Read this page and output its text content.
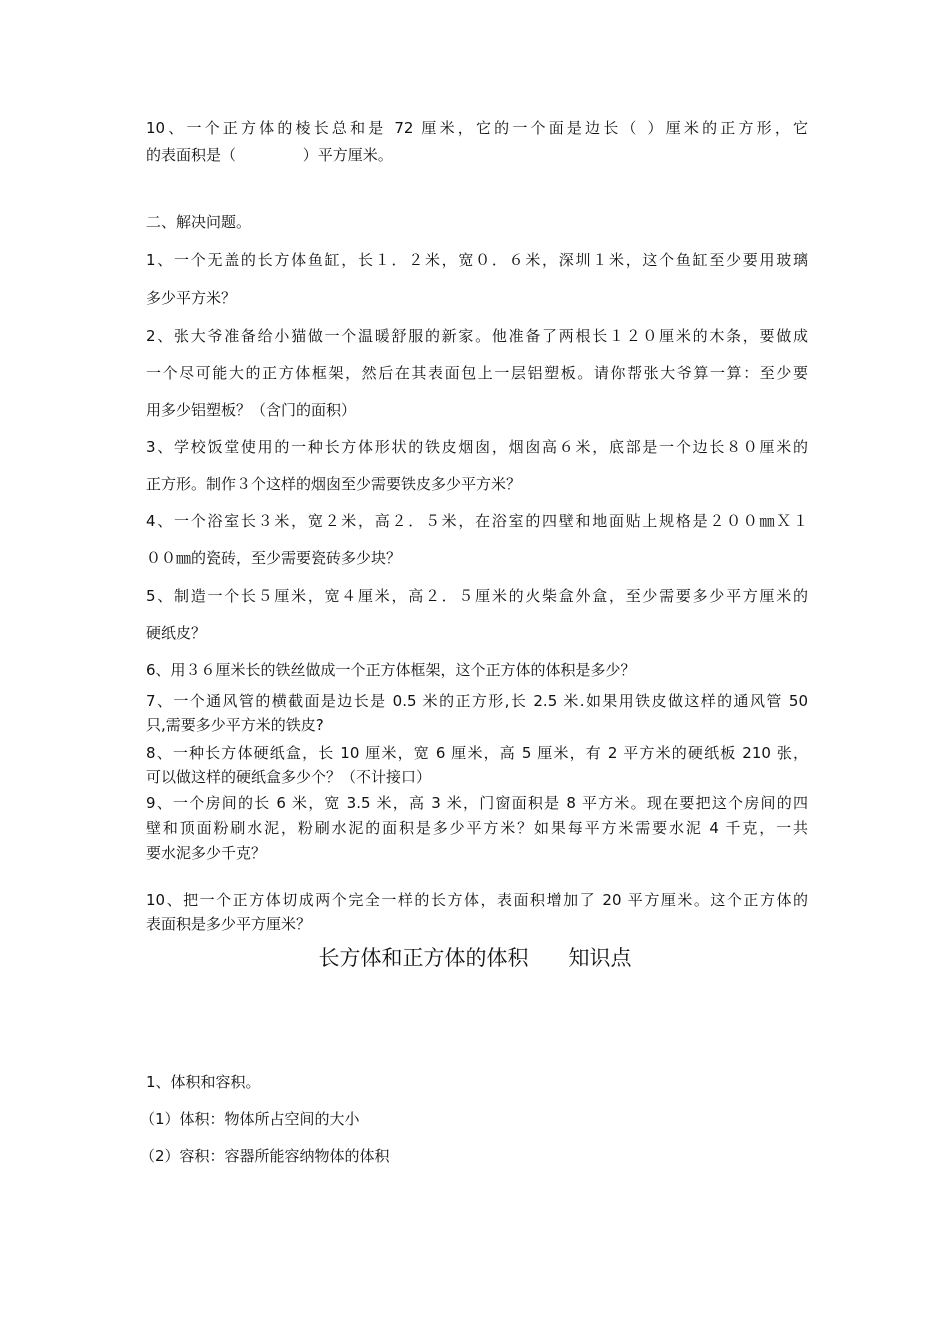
10、一个正方体的棱长总和是 72 厘米，它的一个面是边长（ ）厘米的正方形，它
的表面积是（              ）平方厘米。
二、解决问题。
1、一个无盖的长方体鱼缸，长１．２米，宽０．６米，深圳１米，这个鱼缸至少要用玻璃
多少平方米？
2、张大爷准备给小猫做一个温暖舒服的新家。他准备了两根长１２０厘米的木条，要做成
一个尽可能大的正方体框架，然后在其表面包上一层铝塑板。请你帮张大爷算一算：至少要
用多少铝塑板？（含门的面积）
3、学校饭堂使用的一种长方体形状的铁皮烟囱，烟囱高６米，底部是一个边长８０厘米的
正方形。制作３个这样的烟囱至少需要铁皮多少平方米？
4、一个浴室长３米，宽２米，高２．５米，在浴室的四壁和地面贴上规格是２００㎜Ｘ１
００㎜的瓷砖，至少需要瓷砖多少块？
5、制造一个长５厘米，宽４厘米，高２．５厘米的火柴盒外盒，至少需要多少平方厘米的
硬纸皮？
6、用３６厘米长的铁丝做成一个正方体框架，这个正方体的体积是多少？
7、一个通风管的横截面是边长是 0.5 米的正方形,长 2.5 米.如果用铁皮做这样的通风管 50
只,需要多少平方米的铁皮?
8、一种长方体硬纸盒，长 10 厘米，宽 6 厘米，高 5 厘米，有 2 平方米的硬纸板 210 张，
可以做这样的硬纸盒多少个？（不计接口）
9、一个房间的长 6 米，宽 3.5 米，高 3 米，门窗面积是 8 平方米。现在要把这个房间的四
壁和顶面粉刷水泥，粉刷水泥的面积是多少平方米？如果每平方米需要水泥 4 千克，一共
要水泥多少千克？
10、把一个正方体切成两个完全一样的长方体，表面积增加了 20 平方厘米。这个正方体的
表面积是多少平方厘米？
长方体和正方体的体积      知识点
1、体积和容积。
（1）体积：物体所占空间的大小
（2）容积：容器所能容纳物体的体积
